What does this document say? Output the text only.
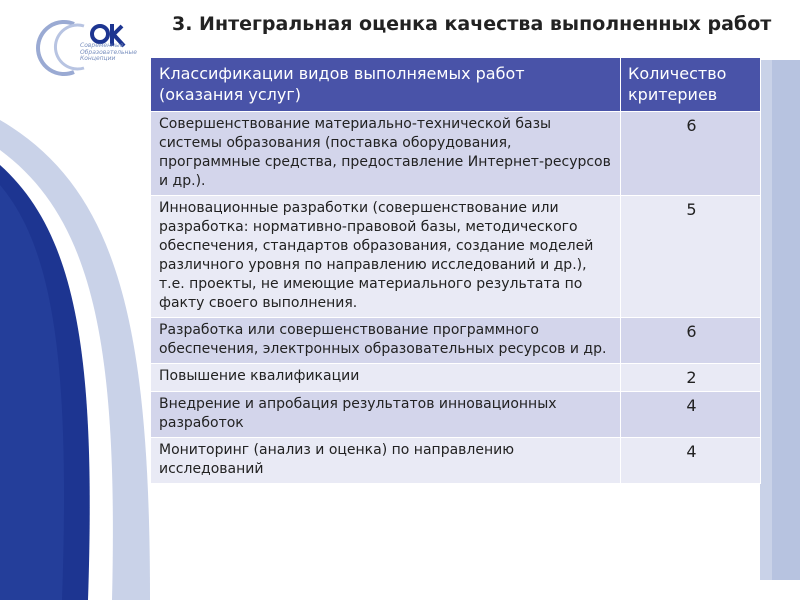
Современные
Образовательные
Концепции
3. Интегральная оценка качества выполненных работ
Классификации видов выполняемых работ (оказания услуг)	Количество критериев
Совершенствование материально-технической базы системы образования (поставка оборудования, программные средства, предоставление Интернет-ресурсов и др.).	6
Инновационные разработки (совершенствование или разработка: нормативно-правовой базы, методического обеспечения, стандартов образования, создание моделей различного уровня по направлению исследований и др.), т.е. проекты, не имеющие материального результата по факту своего выполнения.	5
Разработка или совершенствование программного обеспечения, электронных образовательных ресурсов и др.	6
Повышение квалификации	2
Внедрение и апробация результатов инновационных разработок	4
Мониторинг (анализ и оценка) по направлению исследований	4
